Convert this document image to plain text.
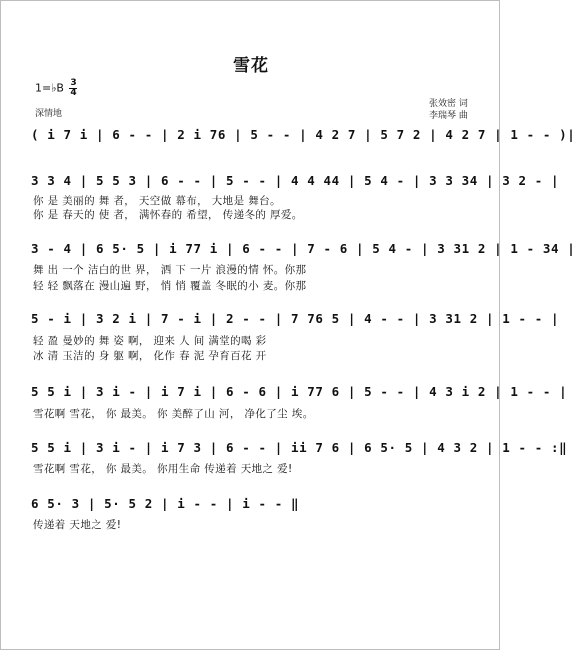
雪花
1=♭B $\frac{3}{4}$
深情地
张效密 词
李瑞琴 曲
( i 7 i | 6 - - | 2 i 76 | 5 - - | 4 2 7 | 5 7 2 | 4 2 7 | 1 - - )|
3 3 4 | 5 5 3 | 6 - - | 5 - - | 4 4 44 | 5 4 - | 3 3 34 | 3 2 - |
你 是 美丽的 舞 者， 天空做 幕布， 大地是 舞台。
你 是 春天的 使 者， 满怀春的 希望， 传递冬的 厚爱。
3 - 4 | 6 5· 5 | i 77 i | 6 - - | 7 - 6 | 5 4 - | 3 31 2 | 1 - 34 |
舞 出 一个 洁白的世 界， 洒 下 一片 浪漫的情 怀。你那
轻 轻 飘落在 漫山遍 野， 悄 悄 覆盖 冬眠的小 麦。你那
5 - i | 3 2 i | 7 - i | 2 - - | 7 76 5 | 4 - - | 3 31 2 | 1 - - |
轻 盈 曼妙的 舞 姿 啊， 迎来 人 间 满堂的喝 彩
冰 清 玉洁的 身 躯 啊， 化作 春 泥 孕育百花 开
5 5 i | 3 i - | i 7 i | 6 - 6 | i 77 6 | 5 - - | 4 3 i 2 | 1 - - |
雪花啊 雪花， 你 最美。 你 美醉了山 河， 净化了尘 埃。
5 5 i | 3 i - | i 7 3 | 6 - - | ii 7 6 | 6 5· 5 | 4 3 2 | 1 - - :‖
雪花啊 雪花， 你 最美。 你用生命 传递着 天地之 爱!
6 5· 3 | 5· 5 2 | i - - | i - - ‖
传递着 天地之 爱!
